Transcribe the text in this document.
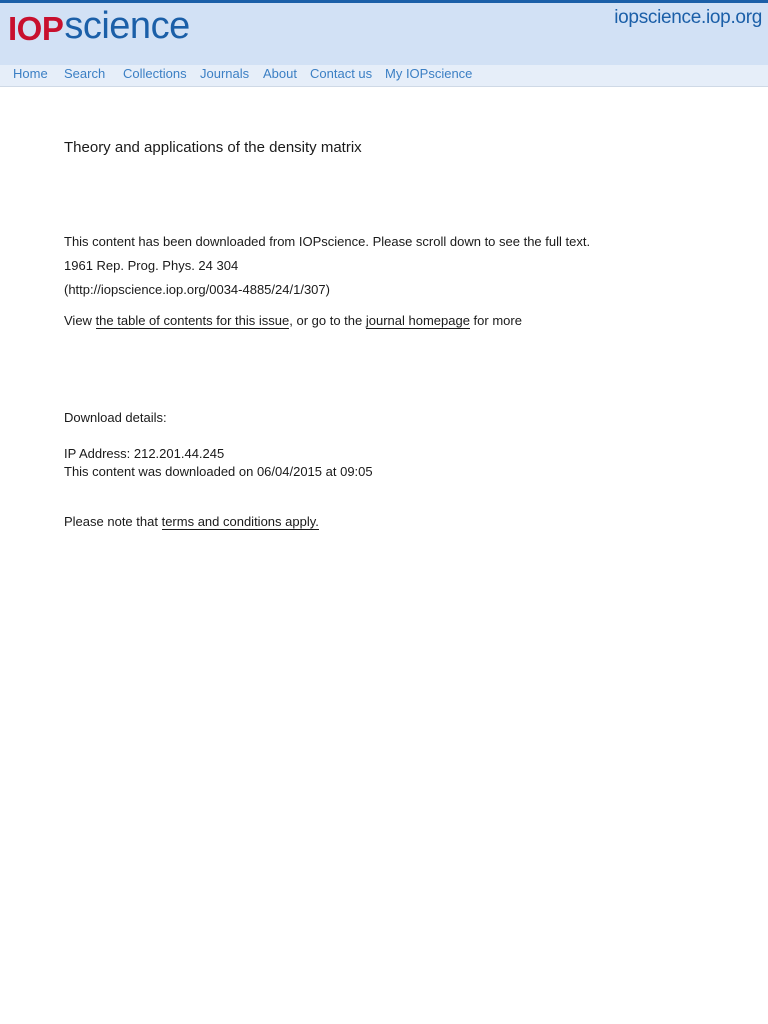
IOP science	iopscience.iop.org
Home Search Collections Journals About Contact us My IOPscience
Theory and applications of the density matrix
This content has been downloaded from IOPscience. Please scroll down to see the full text.
1961 Rep. Prog. Phys. 24 304
(http://iopscience.iop.org/0034-4885/24/1/307)
View the table of contents for this issue, or go to the journal homepage for more
Download details:
IP Address: 212.201.44.245
This content was downloaded on 06/04/2015 at 09:05
Please note that terms and conditions apply.
